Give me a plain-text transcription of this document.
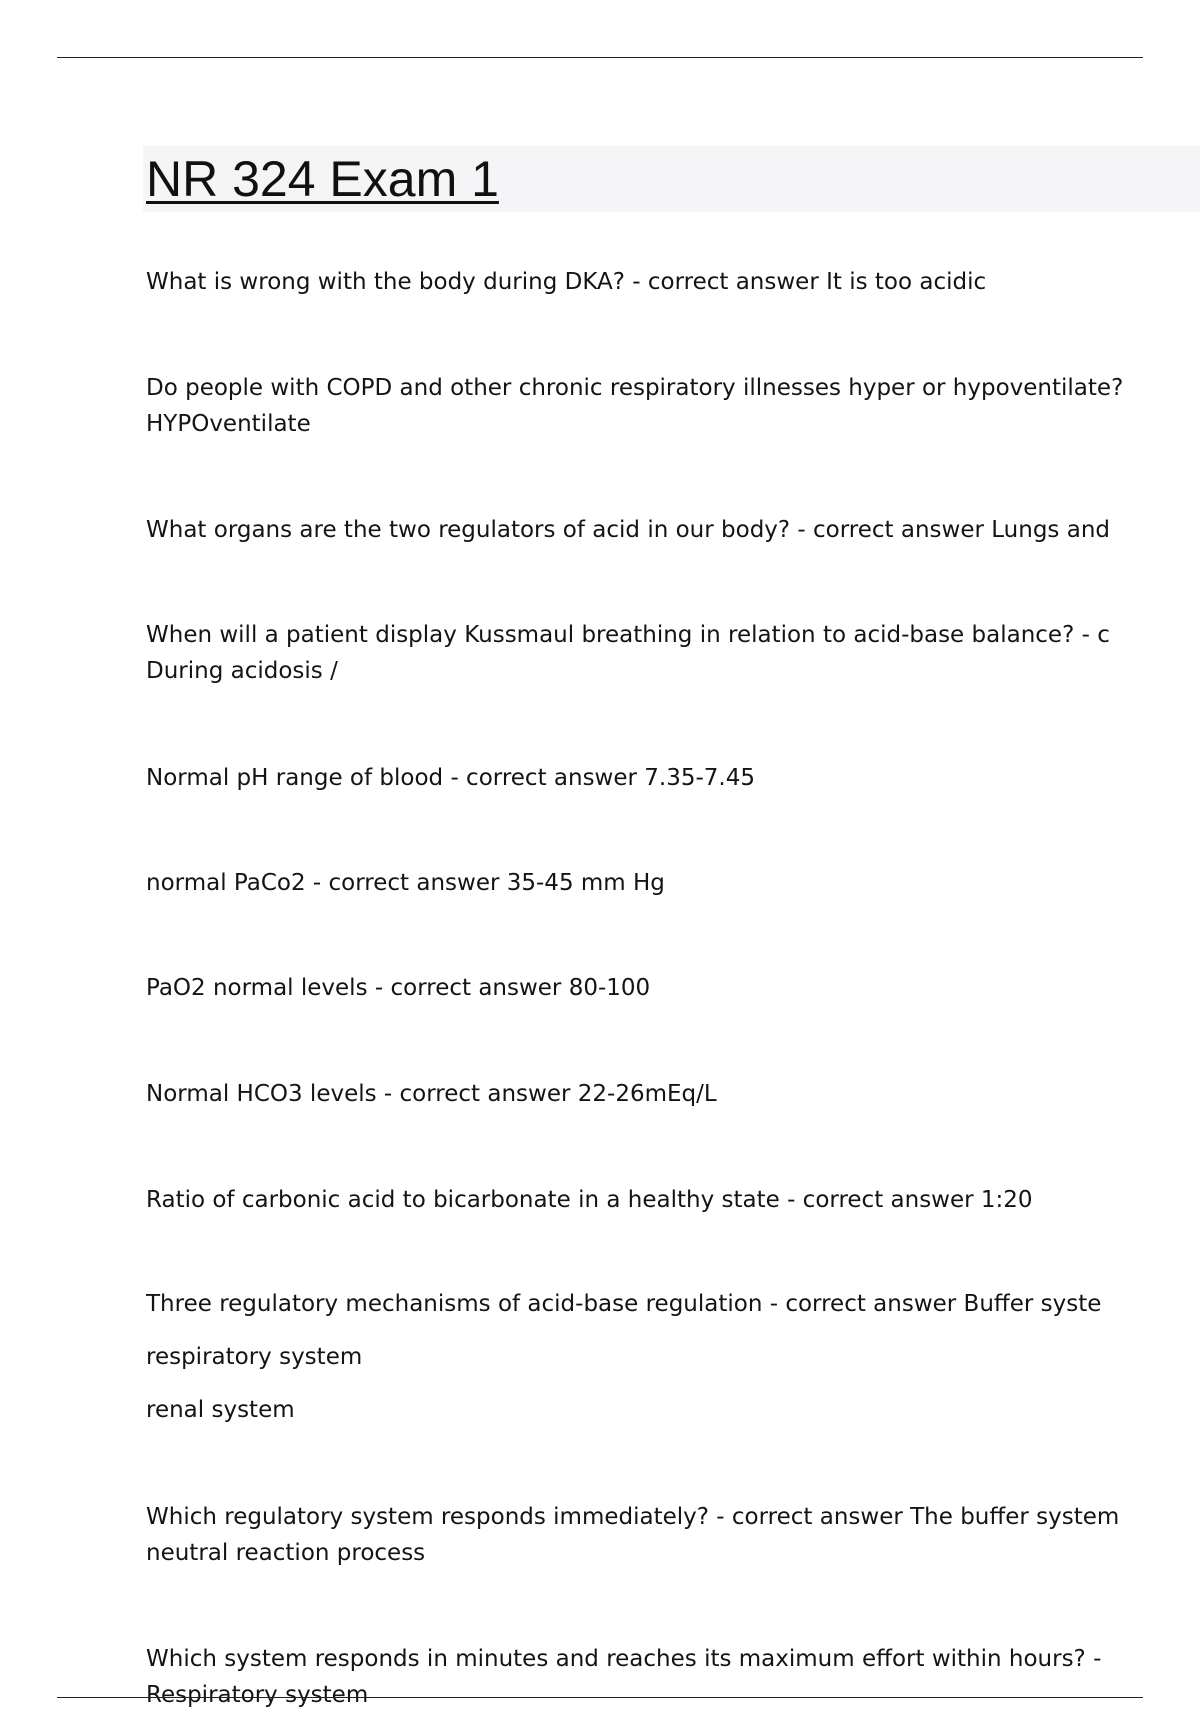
NR 324 Exam 1
What is wrong with the body during DKA? - correct answer It is too acidic
Do people with COPD and other chronic respiratory illnesses hyper or hypoventilate?
HYPOventilate
What organs are the two regulators of acid in our body? - correct answer Lungs and
When will a patient display Kussmaul breathing in relation to acid-base balance? - c
During acidosis /
Normal pH range of blood - correct answer 7.35-7.45
normal PaCo2 - correct answer 35-45 mm Hg
PaO2 normal levels - correct answer 80-100
Normal HCO3 levels - correct answer 22-26mEq/L
Ratio of carbonic acid to bicarbonate in a healthy state - correct answer 1:20
Three regulatory mechanisms of acid-base regulation - correct answer Buffer syste
respiratory system
renal system
Which regulatory system responds immediately? - correct answer The buffer system
neutral reaction process
Which system responds in minutes and reaches its maximum effort within hours? -
Respiratory system
